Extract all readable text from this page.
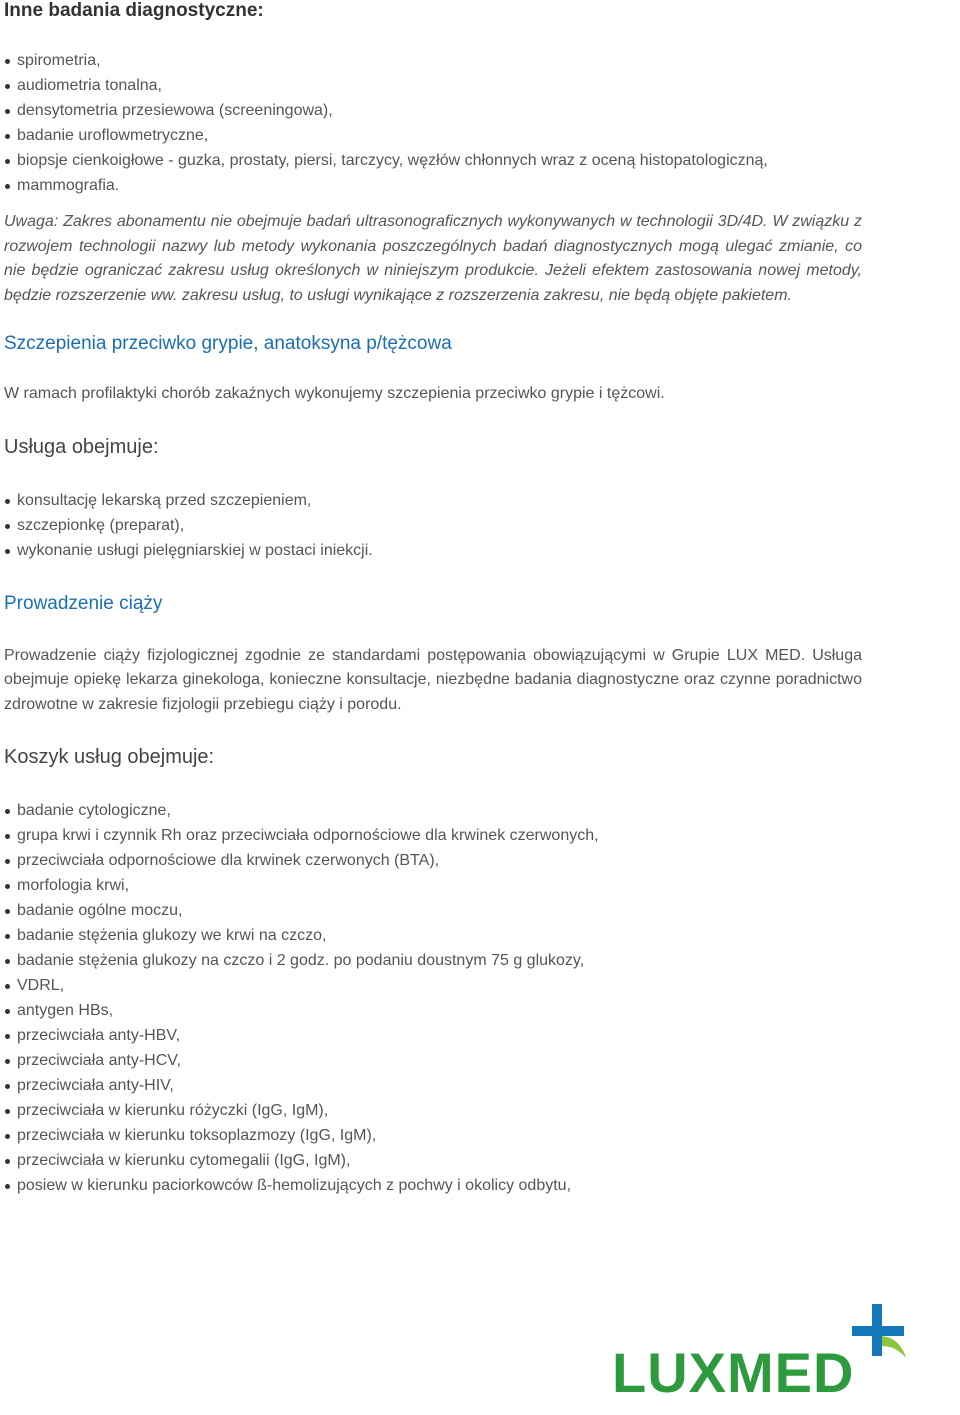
Inne badania diagnostyczne:
spirometria,
audiometria tonalna,
densytometria przesiewowa (screeningowa),
badanie uroflowmetryczne,
biopsje cienkoigłowe - guzka, prostaty, piersi, tarczycy, węzłów chłonnych wraz z oceną histopatologiczną,
mammografia.

Uwaga: Zakres abonamentu nie obejmuje badań ultrasonograficznych wykonywanych w technologii 3D/4D. W związku z rozwojem technologii nazwy lub metody wykonania poszczególnych badań diagnostycznych mogą ulegać zmianie, co nie będzie ograniczać zakresu usług określonych w niniejszym produkcie. Jeżeli efektem zastosowania nowej metody, będzie rozszerzenie ww. zakresu usług, to usługi wynikające z rozszerzenia zakresu, nie będą objęte pakietem.

Szczepienia przeciwko grypie, anatoksyna p/tężcowa

W ramach profilaktyki chorób zakaźnych wykonujemy szczepienia przeciwko grypie i tężcowi.

Usługa obejmuje:
konsultację lekarską przed szczepieniem,
szczepionkę (preparat),
wykonanie usługi pielęgniarskiej w postaci iniekcji.
Prowadzenie ciąży

Prowadzenie ciąży fizjologicznej zgodnie ze standardami postępowania obowiązującymi w Grupie LUX MED. Usługa obejmuje opiekę lekarza ginekologa, konieczne konsultacje, niezbędne badania diagnostyczne oraz czynne poradnictwo zdrowotne w zakresie fizjologii przebiegu ciąży i porodu.

Koszyk usług obejmuje:
badanie cytologiczne,
grupa krwi i czynnik Rh oraz przeciwciała odpornościowe dla krwinek czerwonych,
przeciwciała odpornościowe dla krwinek czerwonych (BTA),
morfologia krwi,
badanie ogólne moczu,
badanie stężenia glukozy we krwi na czczo,
badanie stężenia glukozy na czczo i 2 godz. po podaniu doustnym 75 g glukozy,
VDRL,
antygen HBs,
przeciwciała anty-HBV,
przeciwciała anty-HCV,
przeciwciała anty-HIV,
przeciwciała w kierunku różyczki (IgG, IgM),
przeciwciała w kierunku toksoplazmozy (IgG, IgM),
przeciwciała w kierunku cytomegalii (IgG, IgM),
posiew w kierunku paciorkowców ß-hemolizujących z pochwy i okolicy odbytu,
LUXMED
